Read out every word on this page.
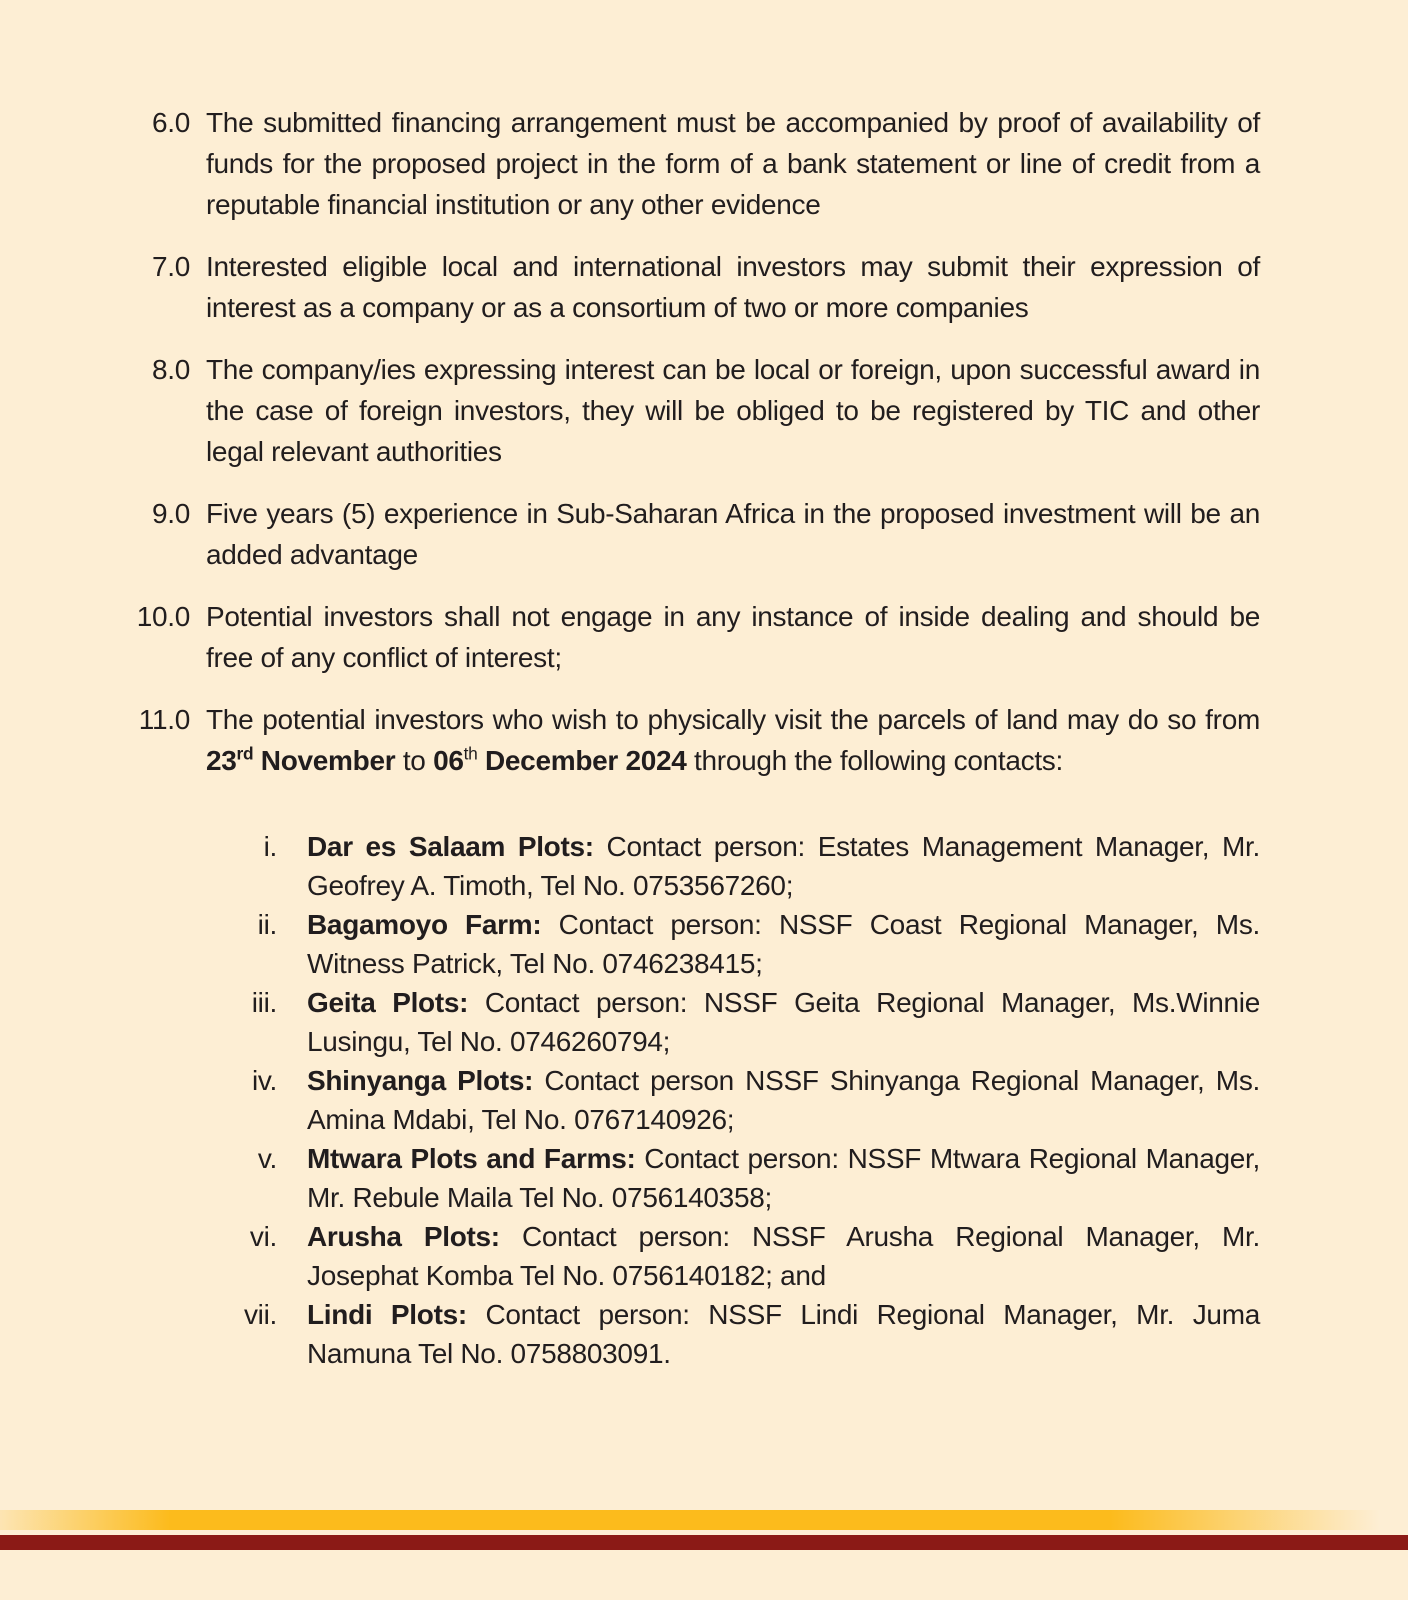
6.0 The submitted financing arrangement must be accompanied by proof of availability of funds for the proposed project in the form of a bank statement or line of credit from a reputable financial institution or any other evidence
7.0 Interested eligible local and international investors may submit their expression of interest as a company or as a consortium of two or more companies
8.0 The company/ies expressing interest can be local or foreign, upon successful award in the case of foreign investors, they will be obliged to be registered by TIC and other legal relevant authorities
9.0 Five years (5) experience in Sub-Saharan Africa in the proposed investment will be an added advantage
10.0 Potential investors shall not engage in any instance of inside dealing and should be free of any conflict of interest;
11.0 The potential investors who wish to physically visit the parcels of land may do so from 23rd November to 06th December 2024 through the following contacts:
i. Dar es Salaam Plots: Contact person: Estates Management Manager, Mr. Geofrey A. Timoth, Tel No. 0753567260;
ii. Bagamoyo Farm: Contact person: NSSF Coast Regional Manager, Ms. Witness Patrick, Tel No. 0746238415;
iii. Geita Plots: Contact person: NSSF Geita Regional Manager, Ms.Winnie Lusingu, Tel No. 0746260794;
iv. Shinyanga Plots: Contact person NSSF Shinyanga Regional Manager, Ms. Amina Mdabi, Tel No. 0767140926;
v. Mtwara Plots and Farms: Contact person: NSSF Mtwara Regional Manager, Mr. Rebule Maila Tel No. 0756140358;
vi. Arusha Plots: Contact person: NSSF Arusha Regional Manager, Mr. Josephat Komba Tel No. 0756140182; and
vii. Lindi Plots: Contact person: NSSF Lindi Regional Manager, Mr. Juma Namuna Tel No. 0758803091.
